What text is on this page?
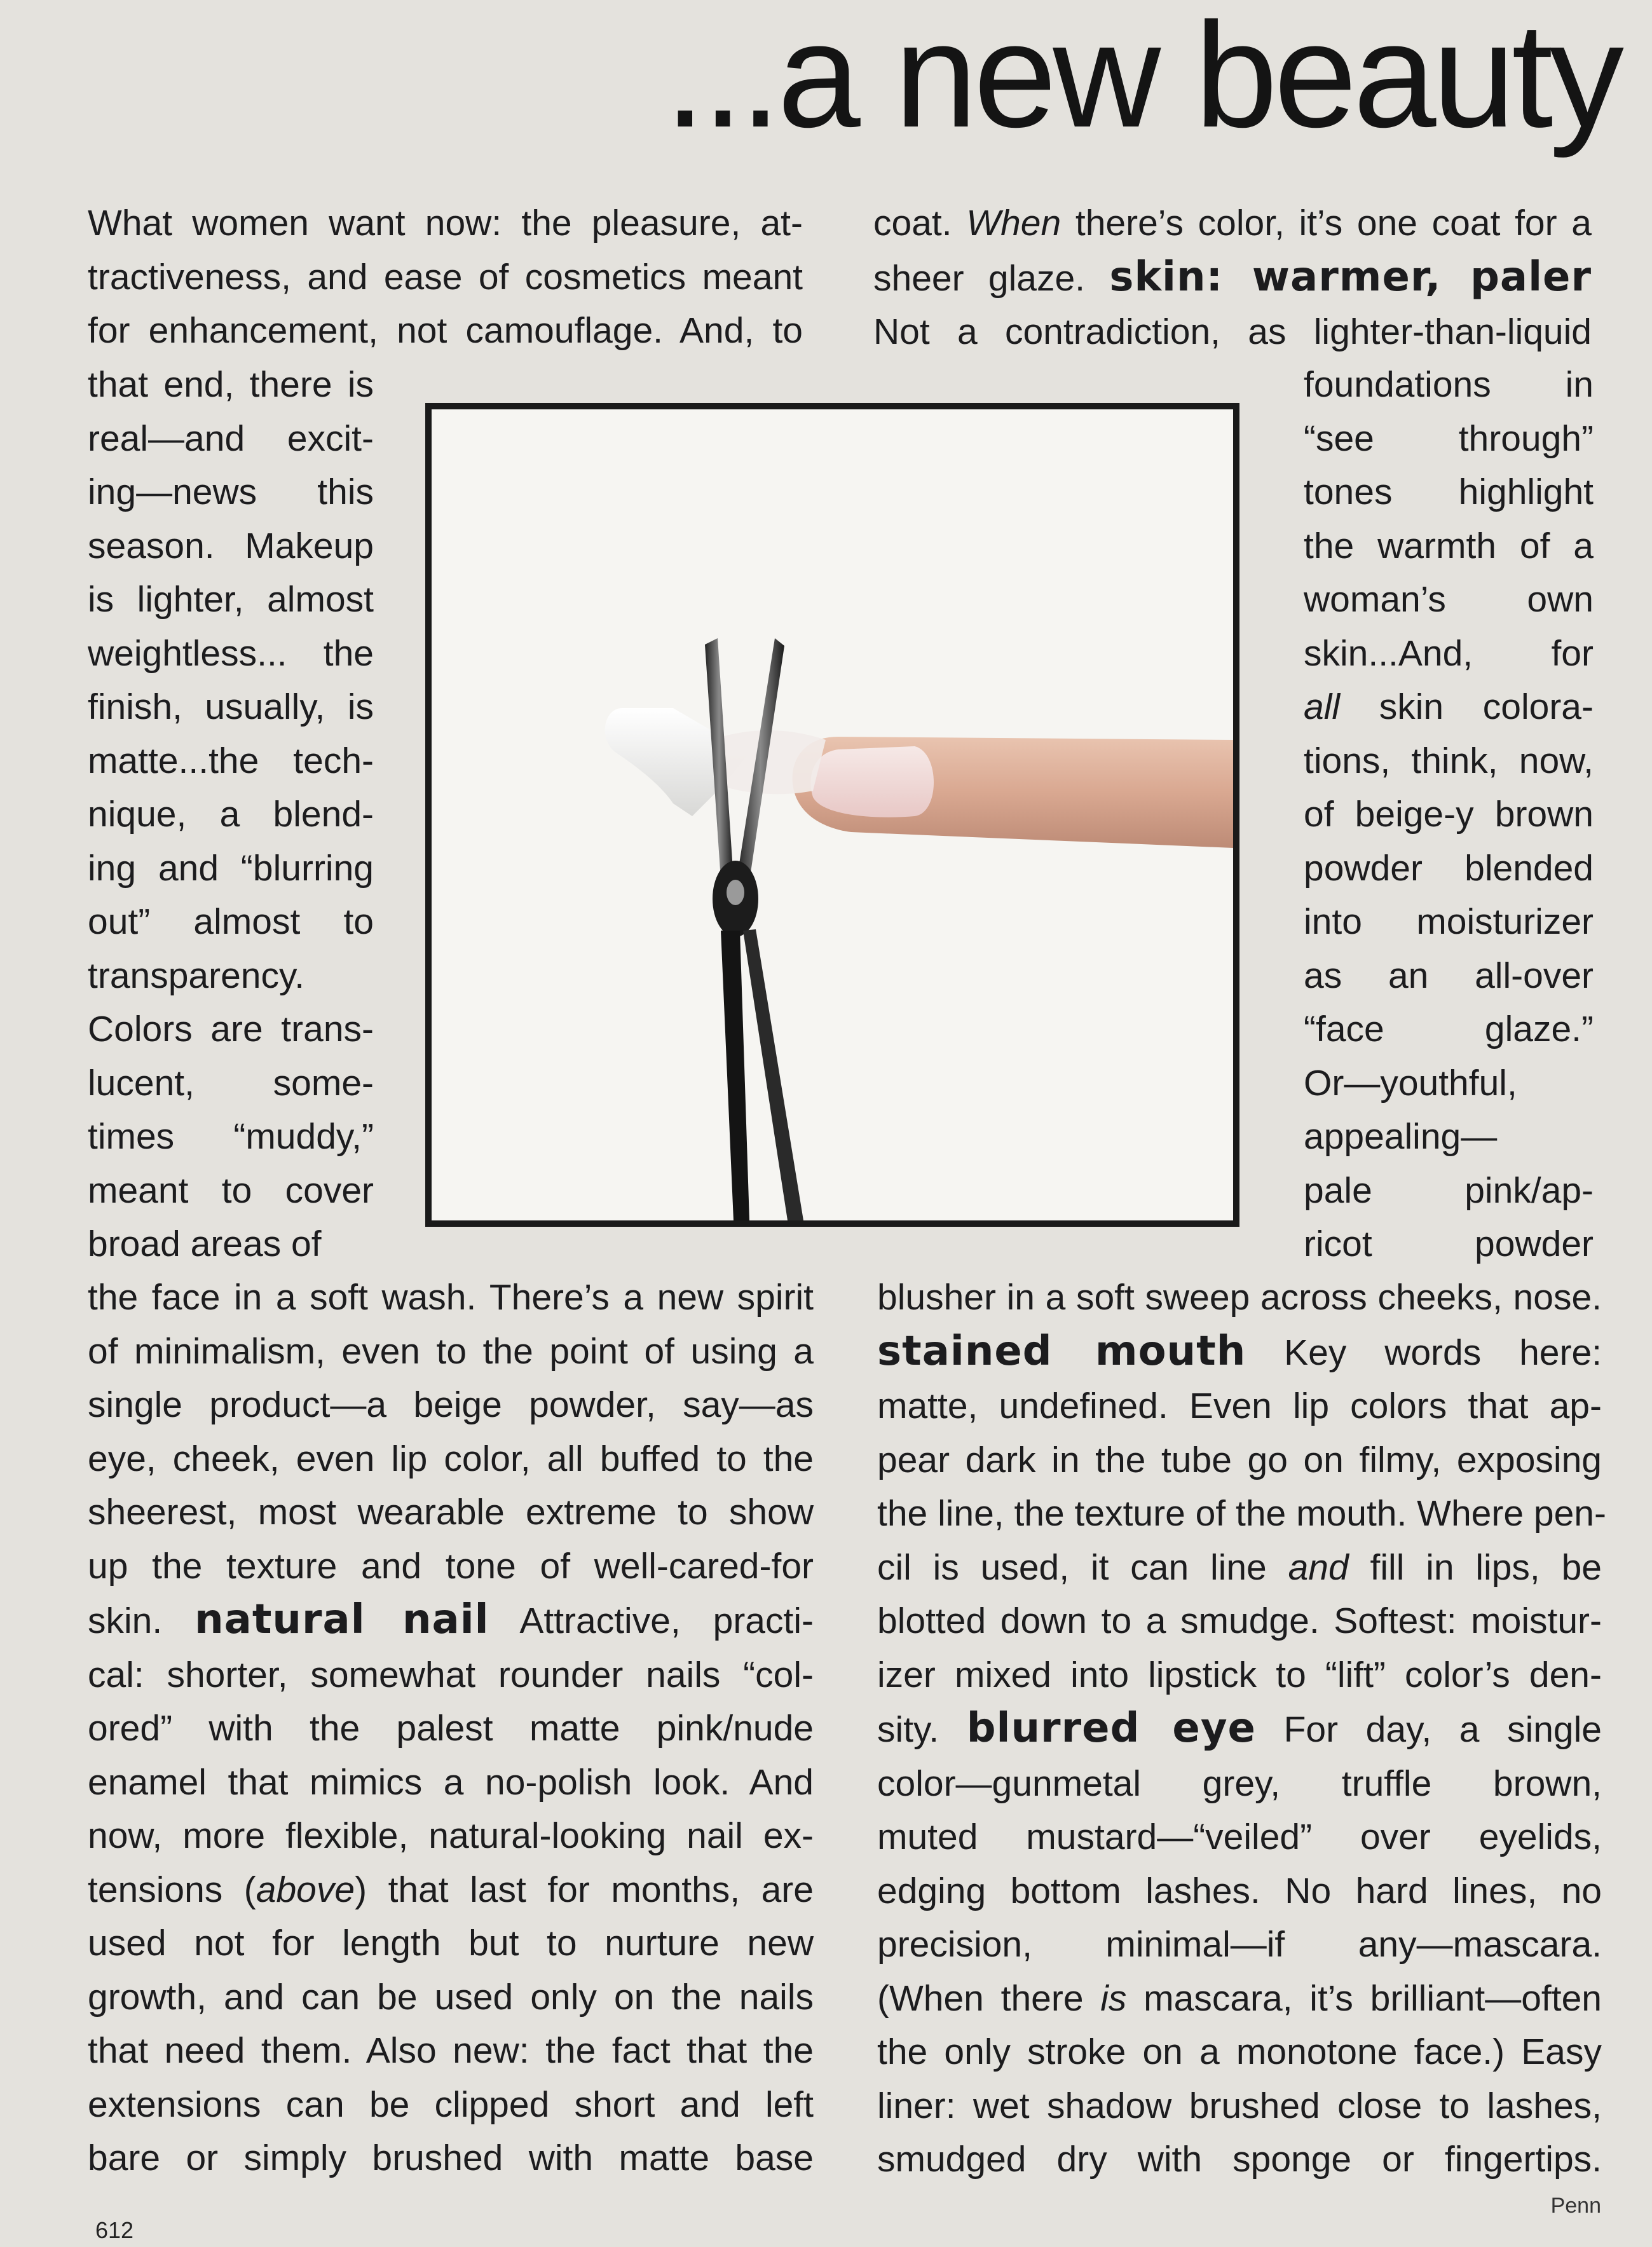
...a new beauty
What women want now: the pleasure, at-
tractiveness, and ease of cosmetics meant
for enhancement, not camouflage. And, to
that end, there is
real—and excit-
ing—news this
season. Makeup
is lighter, almost
weightless... the
finish, usually, is
matte...the tech-
nique, a blend-
ing and “blurring
out” almost to
transparency.
Colors are trans-
lucent, some-
times “muddy,”
meant to cover
broad areas of
the face in a soft wash. There’s a new spirit
of minimalism, even to the point of using a
single product—a beige powder, say—as
eye, cheek, even lip color, all buffed to the
sheerest, most wearable extreme to show
up the texture and tone of well-cared-for
skin. natural nail Attractive, practi-
cal: shorter, somewhat rounder nails “col-
ored” with the palest matte pink/nude
enamel that mimics a no-polish look. And
now, more flexible, natural-looking nail ex-
tensions (above) that last for months, are
used not for length but to nurture new
growth, and can be used only on the nails
that need them. Also new: the fact that the
extensions can be clipped short and left
bare or simply brushed with matte base
coat. When there’s color, it’s one coat for a
sheer glaze. skin: warmer, paler
Not a contradiction, as lighter-than-liquid
foundations in
“see through”
tones highlight
the warmth of a
woman’s own
skin...And, for
all skin colora-
tions, think, now,
of beige-y brown
powder blended
into moisturizer
as an all-over
“face glaze.”
Or—youthful,
appealing—
pale pink/ap-
ricot powder
blusher in a soft sweep across cheeks, nose.
stained mouth Key words here:
matte, undefined. Even lip colors that ap-
pear dark in the tube go on filmy, exposing
the line, the texture of the mouth. Where pen-
cil is used, it can line and fill in lips, be
blotted down to a smudge. Softest: moistur-
izer mixed into lipstick to “lift” color’s den-
sity. blurred eye For day, a single
color—gunmetal grey, truffle brown,
muted mustard—“veiled” over eyelids,
edging bottom lashes. No hard lines, no
precision, minimal—if any—mascara.
(When there is mascara, it’s brilliant—often
the only stroke on a monotone face.) Easy
liner: wet shadow brushed close to lashes,
smudged dry with sponge or fingertips.
Penn
612
